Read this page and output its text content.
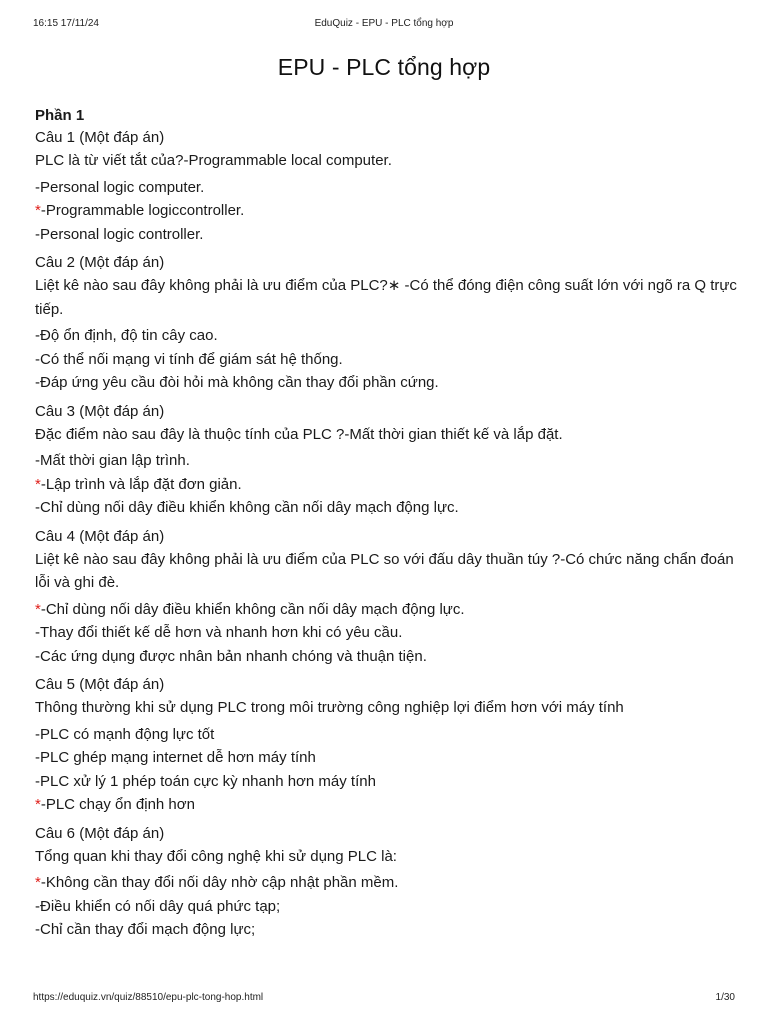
16:15 17/11/24	EduQuiz - EPU - PLC tổng hợp
EPU - PLC tổng hợp
Phần 1
Câu 1 (Một đáp án)
PLC là từ viết tắt của?-Programmable local computer.
-Personal logic computer.
*-Programmable logiccontroller.
-Personal logic controller.
Câu 2 (Một đáp án)
Liệt kê nào sau đây không phải là ưu điểm của PLC?∗ -Có thể đóng điện công suất lớn với ngõ ra Q trực tiếp.
-Độ ổn định, độ tin cây cao.
-Có thể nối mạng vi tính để giám sát hệ thống.
-Đáp ứng yêu cầu đòi hỏi mà không cần thay đổi phần cứng.
Câu 3 (Một đáp án)
Đặc điểm nào sau đây là thuộc tính của PLC ?-Mất thời gian thiết kế và lắp đặt.
-Mất thời gian lập trình.
*-Lập trình và lắp đặt đơn giản.
-Chỉ dùng nối dây điều khiển không cần nối dây mạch động lực.
Câu 4 (Một đáp án)
Liệt kê nào sau đây không phải là ưu điểm của PLC so với đấu dây thuần túy ?-Có chức năng chẩn đoán lỗi và ghi đè.
*-Chỉ dùng nối dây điều khiển không cần nối dây mạch động lực.
-Thay đổi thiết kế dễ hơn và nhanh hơn khi có yêu cầu.
-Các ứng dụng được nhân bản nhanh chóng và thuận tiện.
Câu 5 (Một đáp án)
Thông thường khi sử dụng PLC trong môi trường công nghiệp lợi điểm hơn với máy tính
-PLC có mạnh động lực tốt
-PLC ghép mạng internet dễ hơn máy tính
-PLC xử lý 1 phép toán cực kỳ nhanh hơn máy tính
*-PLC chạy ổn định hơn
Câu 6 (Một đáp án)
Tổng quan khi thay đổi công nghệ khi sử dụng PLC là:
*-Không cần thay đổi nối dây nhờ cập nhật phần mềm.
-Điều khiển có nối dây quá phức tạp;
-Chỉ cần thay đổi mạch động lực;
https://eduquiz.vn/quiz/88510/epu-plc-tong-hop.html	1/30
